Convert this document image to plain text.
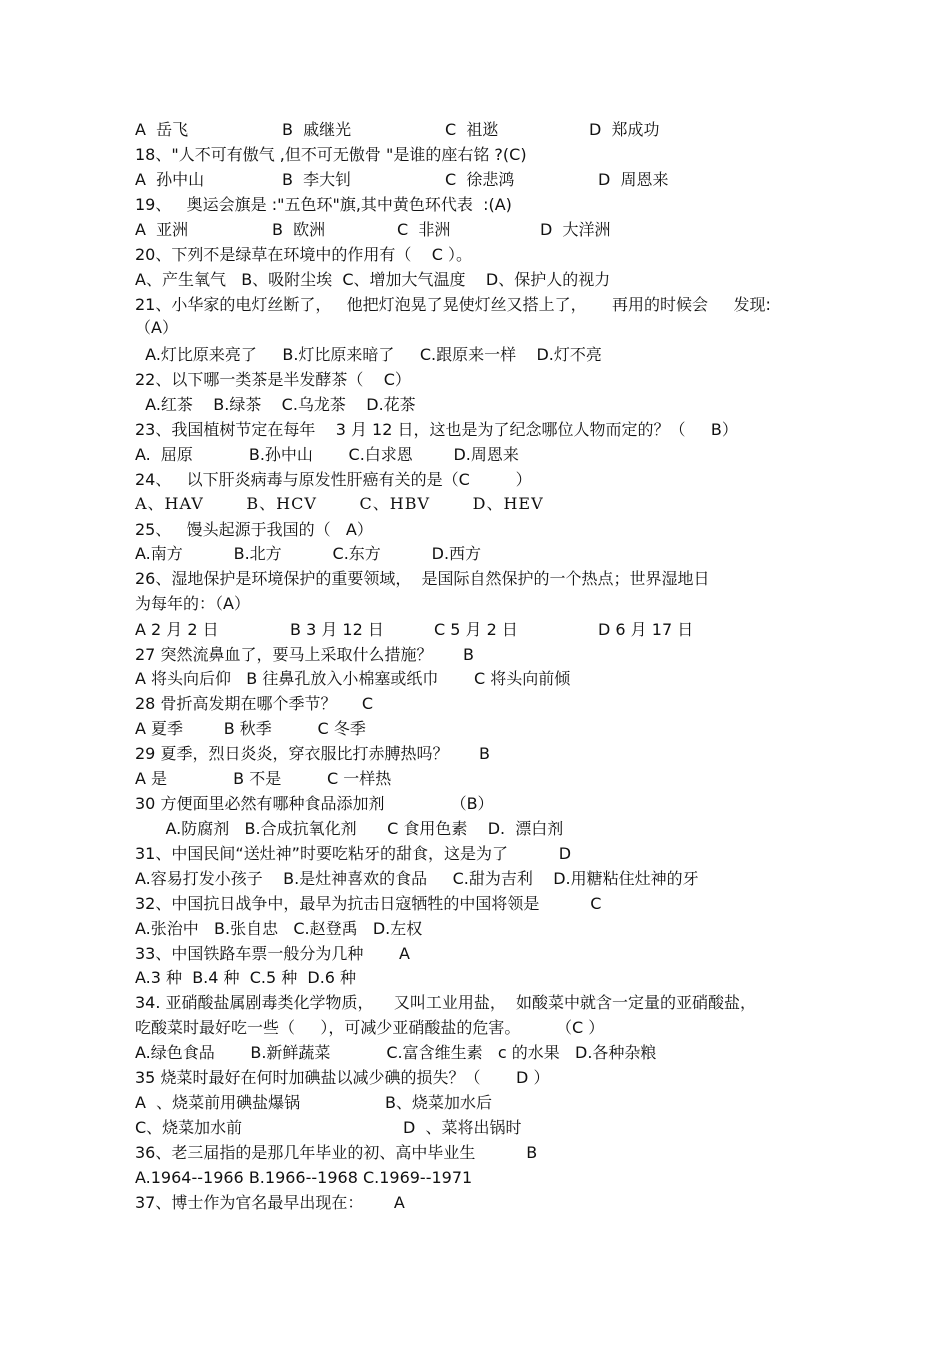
A  岳飞

	B  戚继光

	C  祖逖

	D  郑成功

18、"人不可有傲气 ,但不可无傲骨 "是谁的座右铭 ?(C)

A  孙中山

	B  李大钊

	C  徐悲鸿

	D  周恩来

19、   奥运会旗是 :"五色环"旗,其中黄色环代表  :(A)

A  亚洲

	B  欧洲

	C  非洲

	D  大洋洲

20、下列不是绿草在环境中的作用有（    C ）。
A、产生氧气   B、吸附尘埃  C、增加大气温度    D、保护人的视力
21、小华家的电灯丝断了，   他把灯泡晃了晃使灯丝又搭上了，     再用的时候会     发现:
（A）
A.灯比原来亮了     B.灯比原来暗了     C.跟原来一样    D.灯不亮
22、以下哪一类茶是半发酵茶（    C）
A.红茶    B.绿茶    C.乌龙茶    D.花茶
23、我国植树节定在每年    3 月 12 日，这也是为了纪念哪位人物而定的？（     B）
A.  屈原           B.孙中山       C.白求恩        D.周恩来
24、   以下肝炎病毒与原发性肝癌有关的是（C         ）
A、HAV       B、HCV       C、HBV       D、HEV
25、   馒头起源于我国的（   A）
A.南方          B.北方          C.东方          D.西方
26、湿地保护是环境保护的重要领域，  是国际自然保护的一个热点；世界湿地日
为每年的：（A）

A 2 月 2 日

	B 3 月 12 日

	C 5 月 2 日

	D 6 月 17 日

27 突然流鼻血了，要马上采取什么措施？      B
A 将头向后仰   B 往鼻孔放入小棉塞或纸巾       C 将头向前倾
28 骨折高发期在哪个季节？     C
A 夏季        B 秋季         C 冬季
29 夏季，烈日炎炎，穿衣服比打赤膊热吗？      B
A 是             B 不是         C 一样热
30 方便面里必然有哪种食品添加剂             （B）
A.防腐剂   B.合成抗氧化剂      C 食用色素    D.  漂白剂
31、中国民间“送灶神”时要吃粘牙的甜食，这是为了          D
A.容易打发小孩子    B.是灶神喜欢的食品     C.甜为吉利    D.用糖粘住灶神的牙
32、中国抗日战争中，最早为抗击日寇牺牲的中国将领是          C
A.张治中   B.张自忠   C.赵登禹   D.左权
33、中国铁路车票一般分为几种       A
A.3 种  B.4 种  C.5 种  D.6 种
34. 亚硝酸盐属剧毒类化学物质，    又叫工业用盐，  如酸菜中就含一定量的亚硝酸盐，
吃酸菜时最好吃一些（     ），可减少亚硝酸盐的危害。       （C ）
A.绿色食品       B.新鲜蔬菜           C.富含维生素   c 的水果   D.各种杂粮
35 烧菜时最好在何时加碘盐以减少碘的损失？（       D ）

A  、烧菜前用碘盐爆锅

	B、烧菜加水后

C、烧菜加水前

	D  、菜将出锅时

36、老三届指的是那几年毕业的初、高中毕业生          B
A.1964--1966 B.1966--1968 C.1969--1971
37、博士作为官名最早出现在：      A
